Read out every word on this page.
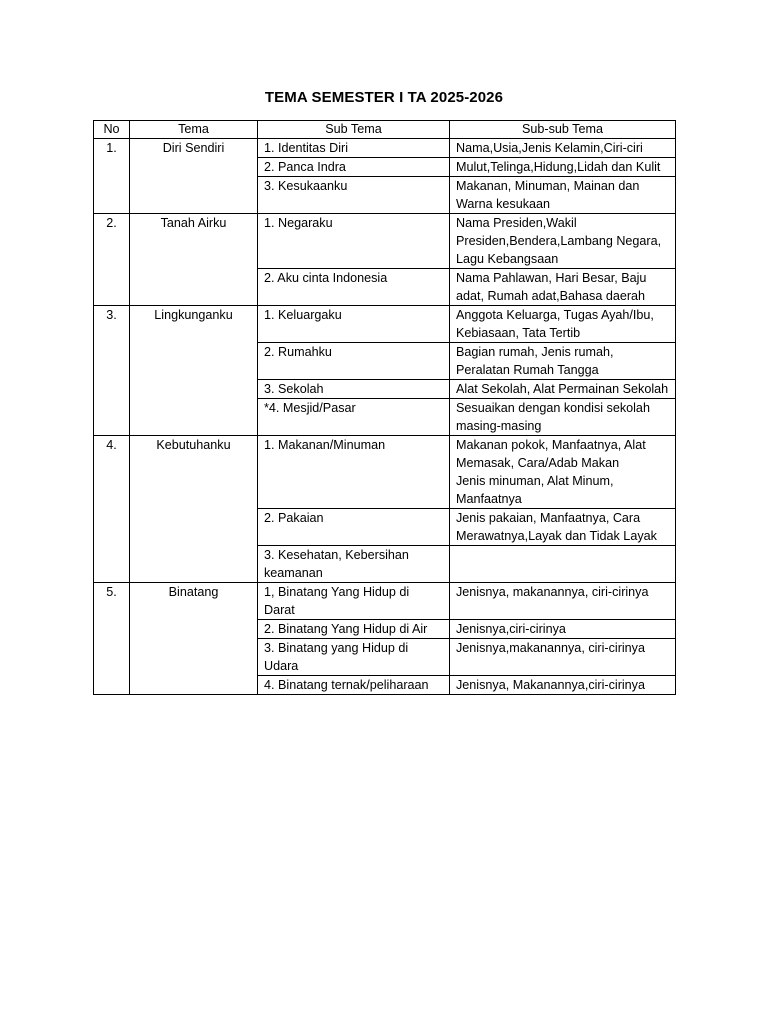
TEMA SEMESTER I TA 2025-2026
No	Tema	Sub Tema	Sub-sub Tema
1.	Diri Sendiri	1. Identitas Diri	Nama,Usia,Jenis Kelamin,Ciri-ciri

		2. Panca Indra	Mulut,Telinga,Hidung,Lidah dan Kulit

		3. Kesukaanku	Makanan, Minuman, Mainan dan Warna kesukaan

2.	Tanah Airku	1. Negaraku	Nama Presiden,Wakil Presiden,Bendera,Lambang Negara, Lagu Kebangsaan

		2. Aku cinta Indonesia	Nama Pahlawan, Hari Besar, Baju adat, Rumah adat,Bahasa daerah

3.	Lingkunganku	1. Keluargaku	Anggota Keluarga, Tugas Ayah/Ibu, Kebiasaan, Tata Tertib

		2. Rumahku	Bagian rumah, Jenis rumah, Peralatan Rumah Tangga

		3. Sekolah	Alat Sekolah, Alat Permainan Sekolah

		*4. Mesjid/Pasar	Sesuaikan dengan kondisi sekolah masing-masing

4.	Kebutuhanku	1. Makanan/Minuman	Makanan pokok, Manfaatnya, Alat Memasak, Cara/Adab Makan
Jenis minuman, Alat Minum, Manfaatnya

		2. Pakaian	Jenis pakaian, Manfaatnya, Cara Merawatnya,Layak dan Tidak Layak

		3. Kesehatan, Kebersihan keamanan	

5.	Binatang	1, Binatang Yang Hidup di Darat	Jenisnya, makanannya, ciri-cirinya

		2. Binatang Yang Hidup di Air	Jenisnya,ciri-cirinya

		3. Binatang yang Hidup di Udara	Jenisnya,makanannya, ciri-cirinya

		4. Binatang ternak/peliharaan	Jenisnya, Makanannya,ciri-cirinya
